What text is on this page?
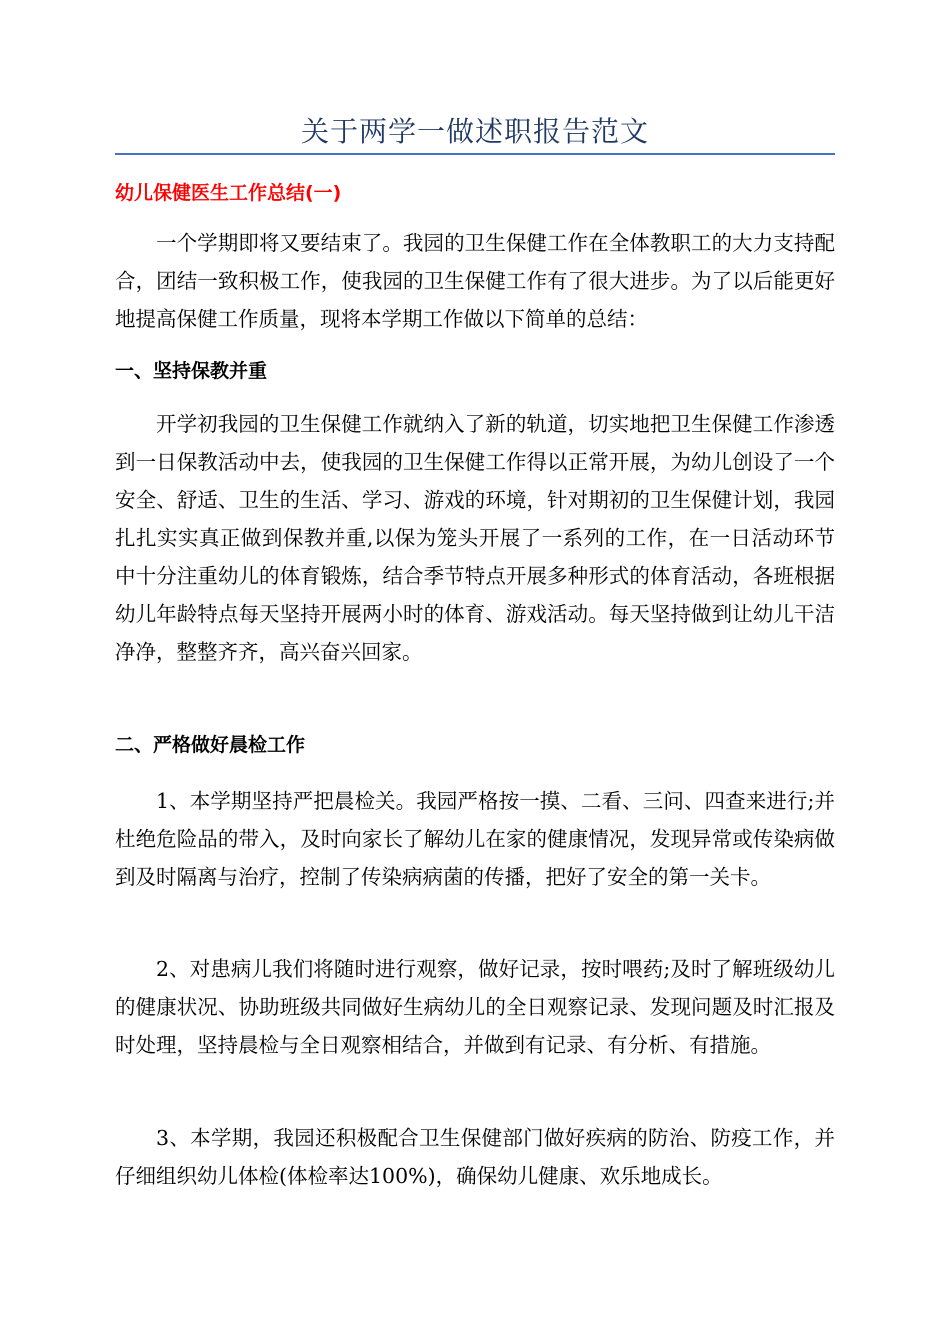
关于两学一做述职报告范文
幼儿保健医生工作总结(一)

一个学期即将又要结束了。我园的卫生保健工作在全体教职工的大力支持配合，团结一致积极工作，使我园的卫生保健工作有了很大进步。为了以后能更好地提高保健工作质量，现将本学期工作做以下简单的总结：

一、坚持保教并重

开学初我园的卫生保健工作就纳入了新的轨道，切实地把卫生保健工作渗透到一日保教活动中去，使我园的卫生保健工作得以正常开展，为幼儿创设了一个安全、舒适、卫生的生活、学习、游戏的环境，针对期初的卫生保健计划，我园扎扎实实真正做到保教并重,以保为笼头开展了一系列的工作，在一日活动环节中十分注重幼儿的体育锻炼，结合季节特点开展多种形式的体育活动，各班根据幼儿年龄特点每天坚持开展两小时的体育、游戏活动。每天坚持做到让幼儿干洁净净，整整齐齐，高兴奋兴回家。

二、严格做好晨检工作

1、本学期坚持严把晨检关。我园严格按一摸、二看、三问、四查来进行;并杜绝危险品的带入，及时向家长了解幼儿在家的健康情况，发现异常或传染病做到及时隔离与治疗，控制了传染病病菌的传播，把好了安全的第一关卡。

2、对患病儿我们将随时进行观察，做好记录，按时喂药;及时了解班级幼儿的健康状况、协助班级共同做好生病幼儿的全日观察记录、发现问题及时汇报及时处理，坚持晨检与全日观察相结合，并做到有记录、有分析、有措施。

3、本学期，我园还积极配合卫生保健部门做好疾病的防治、防疫工作，并仔细组织幼儿体检(体检率达100%)，确保幼儿健康、欢乐地成长。
